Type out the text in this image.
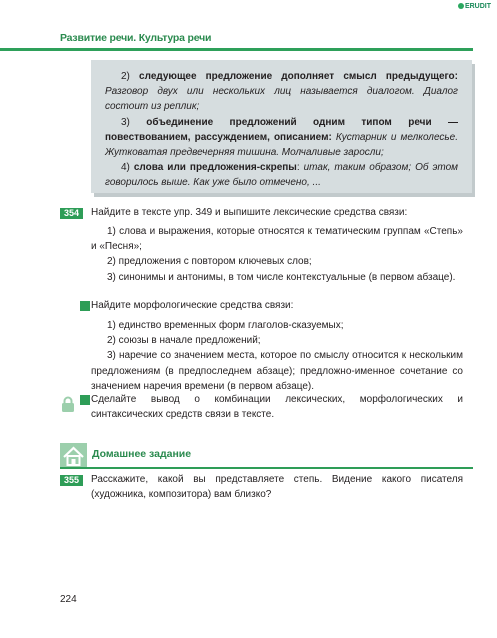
ERUDIT
Развитие речи. Культура речи

2) следующее предложение дополняет смысл предыдущего: Разговор двух или нескольких лиц называется диалогом. Диалог состоит из реплик;

3) объединение предложений одним типом речи — повествованием, рассуждением, описанием: Кустарник и мелколесье. Жутковатая предвечерняя тишина. Молчаливые заросли;

4) слова или предложения-скрепы: итак, таким образом; Об этом говорилось выше. Как уже было отмечено, ...

354	Найдите в тексте упр. 349 и выпишите лексические средства связи:

1) слова и выражения, которые относятся к тематическим группам «Степь» и «Песня»;

2) предложения с повтором ключевых слов;

3) синонимы и антонимы, в том числе контекстуальные (в первом абзаце).

Найдите морфологические средства связи:

1) единство временных форм глаголов-сказуемых;

2) союзы в начале предложений;

3) наречие со значением места, которое по смыслу относится к нескольким предложениям (в предпоследнем абзаце); предложно-именное сочетание со значением наречия времени (в первом абзаце).

Сделайте вывод о комбинации лексических, морфологических и синтаксических средств связи в тексте.
Домашнее задание
355	Расскажите, какой вы представляете степь. Видение какого писателя (художника, композитора) вам близко?
224
